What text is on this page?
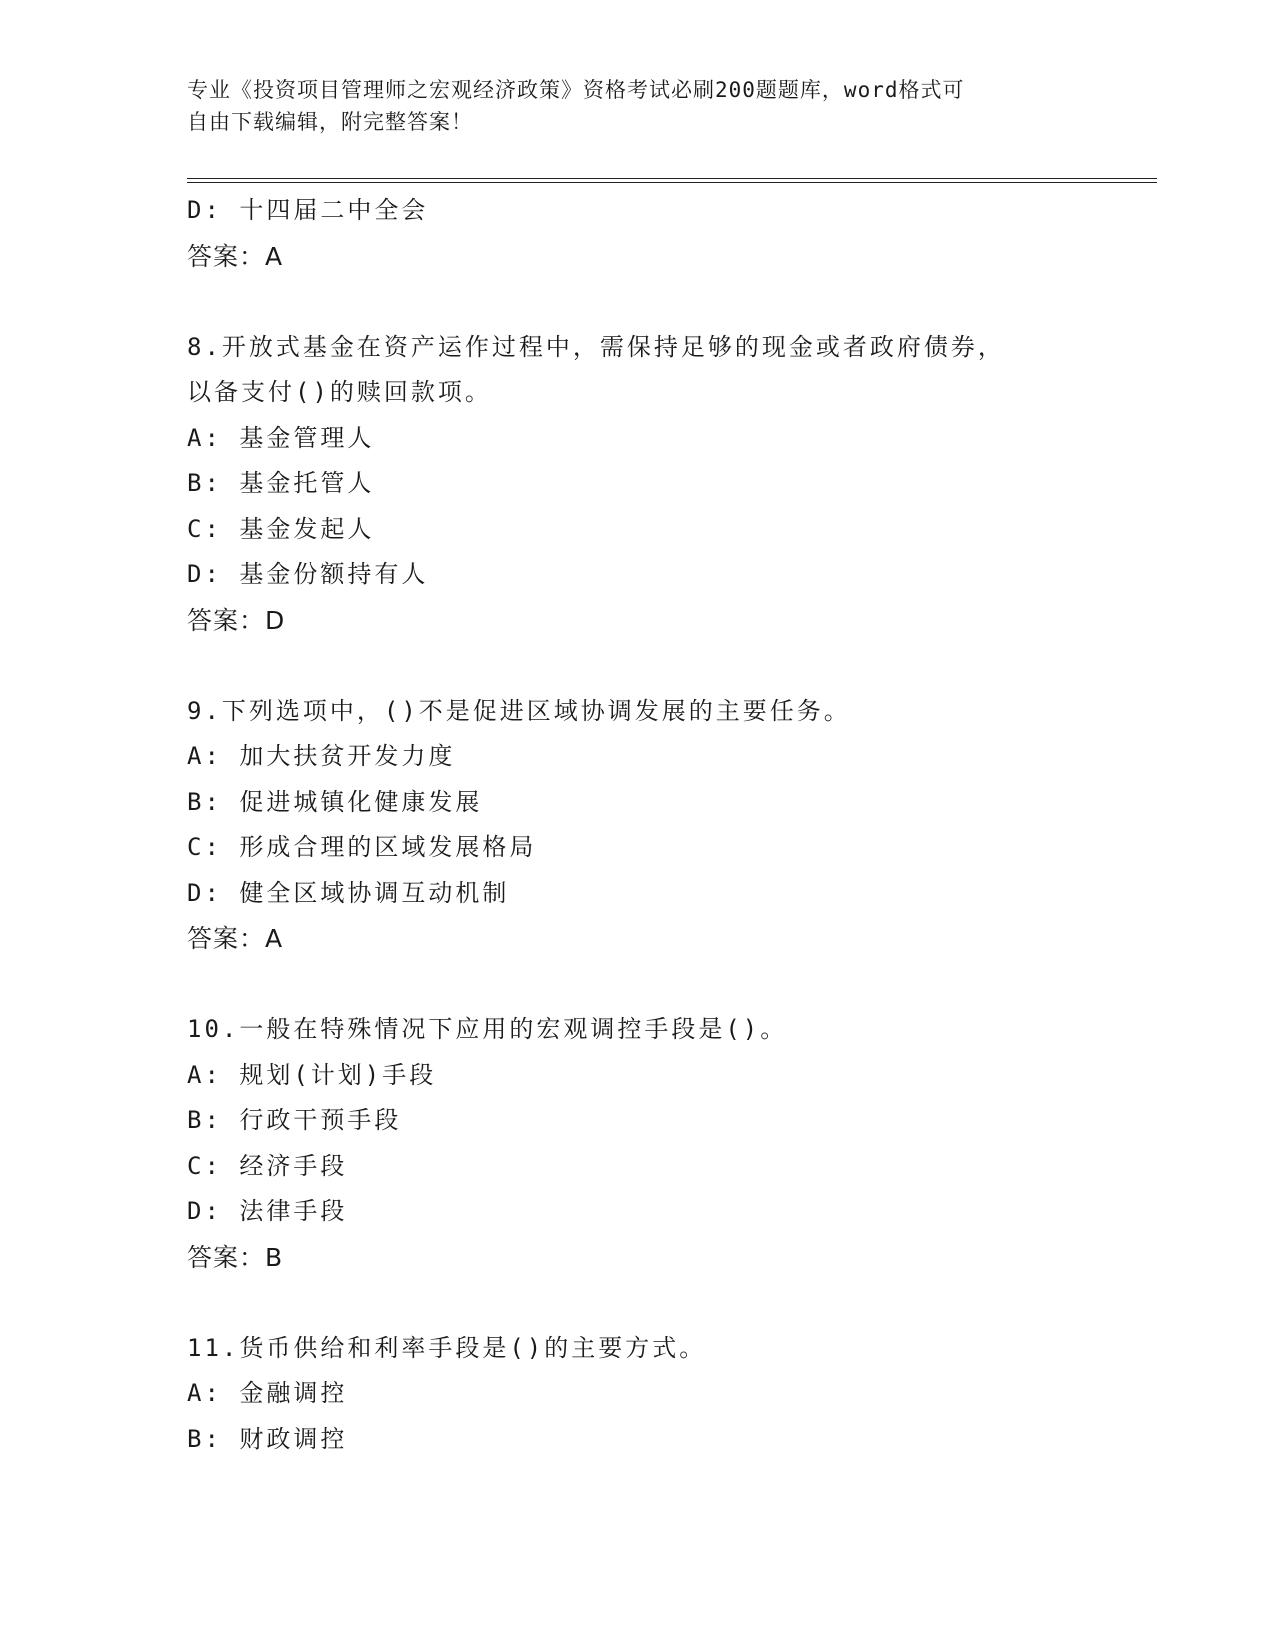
专业《投资项目管理师之宏观经济政策》资格考试必刷200题题库，word格式可
自由下载编辑，附完整答案！
D: 十四届二中全会
答案：A
8.开放式基金在资产运作过程中，需保持足够的现金或者政府债券，
以备支付()的赎回款项。
A: 基金管理人
B: 基金托管人
C: 基金发起人
D: 基金份额持有人
答案：D
9.下列选项中，()不是促进区域协调发展的主要任务。
A: 加大扶贫开发力度
B: 促进城镇化健康发展
C: 形成合理的区域发展格局
D: 健全区域协调互动机制
答案：A
10.一般在特殊情况下应用的宏观调控手段是()。
A: 规划(计划)手段
B: 行政干预手段
C: 经济手段
D: 法律手段
答案：B
11.货币供给和利率手段是()的主要方式。
A: 金融调控
B: 财政调控
